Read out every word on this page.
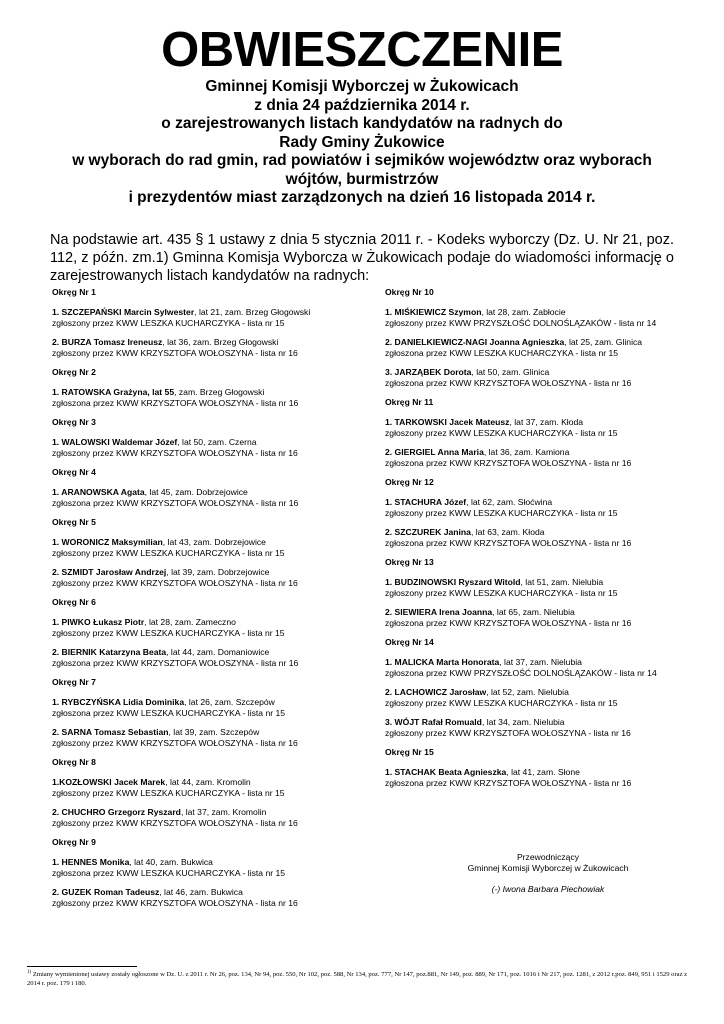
OBWIESZCZENIE
Gminnej Komisji Wyborczej w Żukowicach
z dnia 24 października 2014 r.
o zarejestrowanych listach kandydatów na radnych do
Rady Gminy Żukowice
w wyborach do rad gmin, rad powiatów i sejmików województw oraz wyborach
wójtów, burmistrzów
i prezydentów miast zarządzonych na dzień 16 listopada 2014 r.
Na podstawie art. 435 § 1 ustawy z dnia 5 stycznia 2011 r. - Kodeks wyborczy (Dz. U. Nr 21, poz. 112, z późn. zm.1) Gminna Komisja Wyborcza w Żukowicach podaje do wiadomości informację o zarejestrowanych listach kandydatów na radnych:
Okręg Nr 1
1. SZCZEPAŃSKI Marcin Sylwester, lat 21, zam. Brzeg Głogowski
zgłoszony przez KWW LESZKA KUCHARCZYKA - lista nr 15
2. BURZA Tomasz Ireneusz, lat 36, zam. Brzeg Głogowski
zgłoszony przez KWW KRZYSZTOFA WOŁOSZYNA - lista nr 16
Okręg Nr 2
1. RATOWSKA Grażyna, lat 55, zam. Brzeg Głogowski
zgłoszona przez KWW KRZYSZTOFA WOŁOSZYNA - lista nr 16
Okręg Nr 3
1. WALOWSKI Waldemar Józef, lat 50, zam. Czerna
zgłoszony przez KWW KRZYSZTOFA WOŁOSZYNA - lista nr 16
Okręg Nr 4
1. ARANOWSKA Agata, lat 45, zam. Dobrzejowice
zgłoszona przez KWW KRZYSZTOFA WOŁOSZYNA - lista nr 16
Okręg Nr 5
1. WORONICZ Maksymilian, lat 43, zam. Dobrzejowice
zgłoszony przez KWW LESZKA KUCHARCZYKA - lista nr 15
2. SZMIDT Jarosław Andrzej, lat 39, zam. Dobrzejowice
zgłoszony przez KWW KRZYSZTOFA WOŁOSZYNA - lista nr 16
Okręg Nr 6
1. PIWKO Łukasz Piotr, lat 28, zam. Zameczno
zgłoszony przez KWW LESZKA KUCHARCZYKA - lista nr 15
2. BIERNIK Katarzyna Beata, lat 44, zam. Domaniowice
zgłoszona przez KWW KRZYSZTOFA WOŁOSZYNA - lista nr 16
Okręg Nr 7
1. RYBCZYŃSKA Lidia Dominika, lat 26, zam. Szczepów
zgłoszona przez KWW LESZKA KUCHARCZYKA - lista nr 15
2. SARNA Tomasz Sebastian, lat 39, zam. Szczepów
zgłoszony przez KWW KRZYSZTOFA WOŁOSZYNA - lista nr 16
Okręg Nr 8
1.KOZŁOWSKI Jacek Marek, lat 44, zam. Kromolin
zgłoszony przez KWW LESZKA KUCHARCZYKA - lista nr 15
2. CHUCHRO Grzegorz Ryszard, lat 37, zam. Kromolin
zgłoszony przez KWW KRZYSZTOFA WOŁOSZYNA - lista nr 16
Okręg Nr 9
1. HENNES Monika, lat 40, zam. Bukwica
zgłoszona przez KWW LESZKA KUCHARCZYKA - lista nr 15
2. GUZEK Roman Tadeusz, lat 46, zam. Bukwica
zgłoszony przez KWW KRZYSZTOFA WOŁOSZYNA - lista nr 16
Okręg Nr 10
1. MIŚKIEWICZ Szymon, lat 28, zam. Zabłocie
zgłoszony przez KWW PRZYSZŁOŚĆ DOLNOŚLĄZAKÓW - lista nr 14
2. DANIELKIEWICZ-NAGI Joanna Agnieszka, lat 25, zam. Glinica
zgłoszona przez KWW LESZKA KUCHARCZYKA - lista nr 15
3. JARZĄBEK Dorota, lat 50, zam. Glinica
zgłoszona przez KWW KRZYSZTOFA WOŁOSZYNA - lista nr 16
Okręg Nr 11
1. TARKOWSKI Jacek Mateusz, lat 37, zam. Kłoda
zgłoszony przez KWW LESZKA KUCHARCZYKA - lista nr 15
2. GIERGIEL Anna Maria, lat 36, zam. Kamiona
zgłoszona przez KWW KRZYSZTOFA WOŁOSZYNA - lista nr 16
Okręg Nr 12
1. STACHURA Józef, lat 62, zam. Słoćwina
zgłoszony przez KWW LESZKA KUCHARCZYKA - lista nr 15
2. SZCZUREK Janina, lat 63, zam. Kłoda
zgłoszona przez KWW KRZYSZTOFA WOŁOSZYNA - lista nr 16
Okręg Nr 13
1. BUDZINOWSKI Ryszard Witold, lat 51, zam. Nielubia
zgłoszony przez KWW LESZKA KUCHARCZYKA - lista nr 15
2. SIEWIERA Irena Joanna, lat 65, zam. Nielubia
zgłoszona przez KWW KRZYSZTOFA WOŁOSZYNA - lista nr 16
Okręg Nr 14
1. MALICKA Marta Honorata, lat 37, zam. Nielubia
zgłoszona przez KWW PRZYSZŁOŚĆ DOLNOŚLĄZAKÓW - lista nr 14
2. LACHOWICZ Jarosław, lat 52, zam. Nielubia
zgłoszony przez KWW LESZKA KUCHARCZYKA - lista nr 15
3. WÓJT Rafał Romuald, lat 34, zam. Nielubia
zgłoszony przez KWW KRZYSZTOFA WOŁOSZYNA - lista nr 16
Okręg Nr 15
1. STACHAK Beata Agnieszka, lat 41, zam. Słone
zgłoszona przez KWW KRZYSZTOFA WOŁOSZYNA - lista nr 16
Przewodniczący
Gminnej Komisji Wyborczej w Żukowicach
(-) Iwona Barbara Piechowiak
$^{1)}$ Zmiany wymienionej ustawy zostały ogłoszone w Dz. U. z 2011 r. Nr 26, poz. 134, Nr 94, poz. 550, Nr 102, poz. 588, Nr 134, poz. 777, Nr 147, poz.881, Nr 149, poz. 889, Nr 171, poz. 1016 i Nr 217, poz. 1281, z 2012 r.poz. 849, 951 i 1529 oraz z 2014 r. poz. 179 i 180.
